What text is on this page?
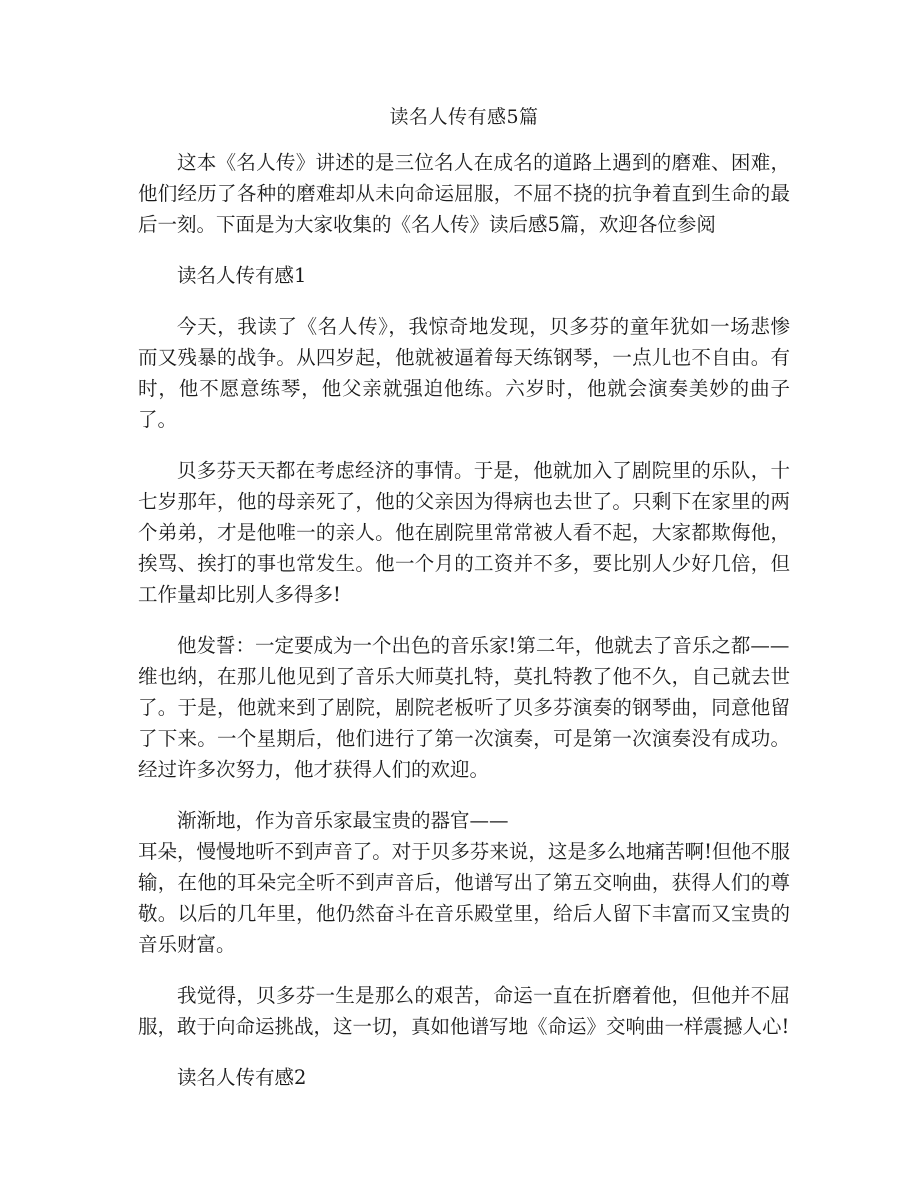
读名人传有感5篇

这本《名人传》讲述的是三位名人在成名的道路上遇到的磨难、困难，他们经历了各种的磨难却从未向命运屈服，不屈不挠的抗争着直到生命的最后一刻。下面是为大家收集的《名人传》读后感5篇，欢迎各位参阅

读名人传有感1

今天，我读了《名人传》，我惊奇地发现，贝多芬的童年犹如一场悲惨而又残暴的战争。从四岁起，他就被逼着每天练钢琴，一点儿也不自由。有时，他不愿意练琴，他父亲就强迫他练。六岁时，他就会演奏美妙的曲子了。

贝多芬天天都在考虑经济的事情。于是，他就加入了剧院里的乐队，十七岁那年，他的母亲死了，他的父亲因为得病也去世了。只剩下在家里的两个弟弟，才是他唯一的亲人。他在剧院里常常被人看不起，大家都欺侮他，挨骂、挨打的事也常发生。他一个月的工资并不多，要比别人少好几倍，但工作量却比别人多得多!

他发誓：一定要成为一个出色的音乐家!第二年，他就去了音乐之都——
维也纳，在那儿他见到了音乐大师莫扎特，莫扎特教了他不久，自己就去世了。于是，他就来到了剧院，剧院老板听了贝多芬演奏的钢琴曲，同意他留了下来。一个星期后，他们进行了第一次演奏，可是第一次演奏没有成功。经过许多次努力，他才获得人们的欢迎。

渐渐地，作为音乐家最宝贵的器官——
耳朵，慢慢地听不到声音了。对于贝多芬来说，这是多么地痛苦啊!但他不服输，在他的耳朵完全听不到声音后，他谱写出了第五交响曲，获得人们的尊敬。以后的几年里，他仍然奋斗在音乐殿堂里，给后人留下丰富而又宝贵的音乐财富。

我觉得，贝多芬一生是那么的艰苦，命运一直在折磨着他，但他并不屈服，敢于向命运挑战，这一切，真如他谱写地《命运》交响曲一样震撼人心!

读名人传有感2
